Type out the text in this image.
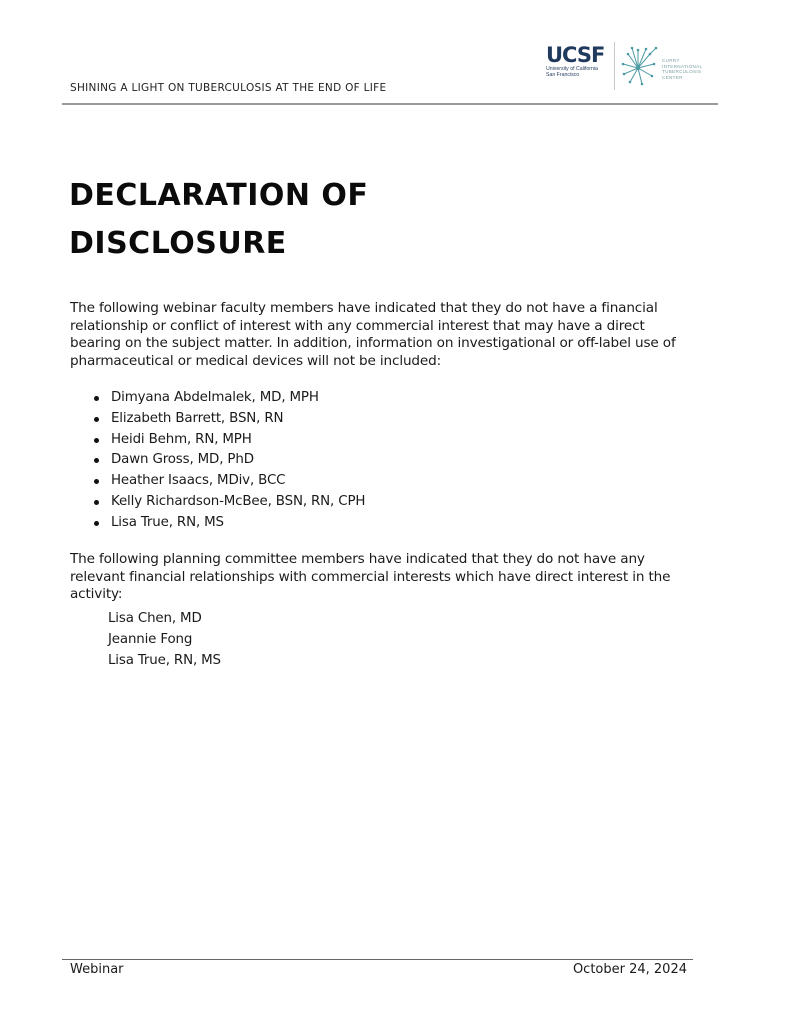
SHINING A LIGHT ON TUBERCULOSIS AT THE END OF LIFE
UCSF
University of California
San Francisco
CURRY
INTERNATIONAL
TUBERCULOSIS
CENTER
DECLARATION OF
DISCLOSURE

The following webinar faculty members have indicated that they do not have a financial relationship or conflict of interest with any commercial interest that may have a direct bearing on the subject matter. In addition, information on investigational or off-label use of pharmaceutical or medical devices will not be included:

Dimyana Abdelmalek, MD, MPH
Elizabeth Barrett, BSN, RN
Heidi Behm, RN, MPH
Dawn Gross, MD, PhD
Heather Isaacs, MDiv, BCC
Kelly Richardson-McBee, BSN, RN, CPH
Lisa True, RN, MS

The following planning committee members have indicated that they do not have any relevant financial relationships with commercial interests which have direct interest in the activity:

Lisa Chen, MD
Jeannie Fong
Lisa True, RN, MS
Webinar	October 24, 2024
